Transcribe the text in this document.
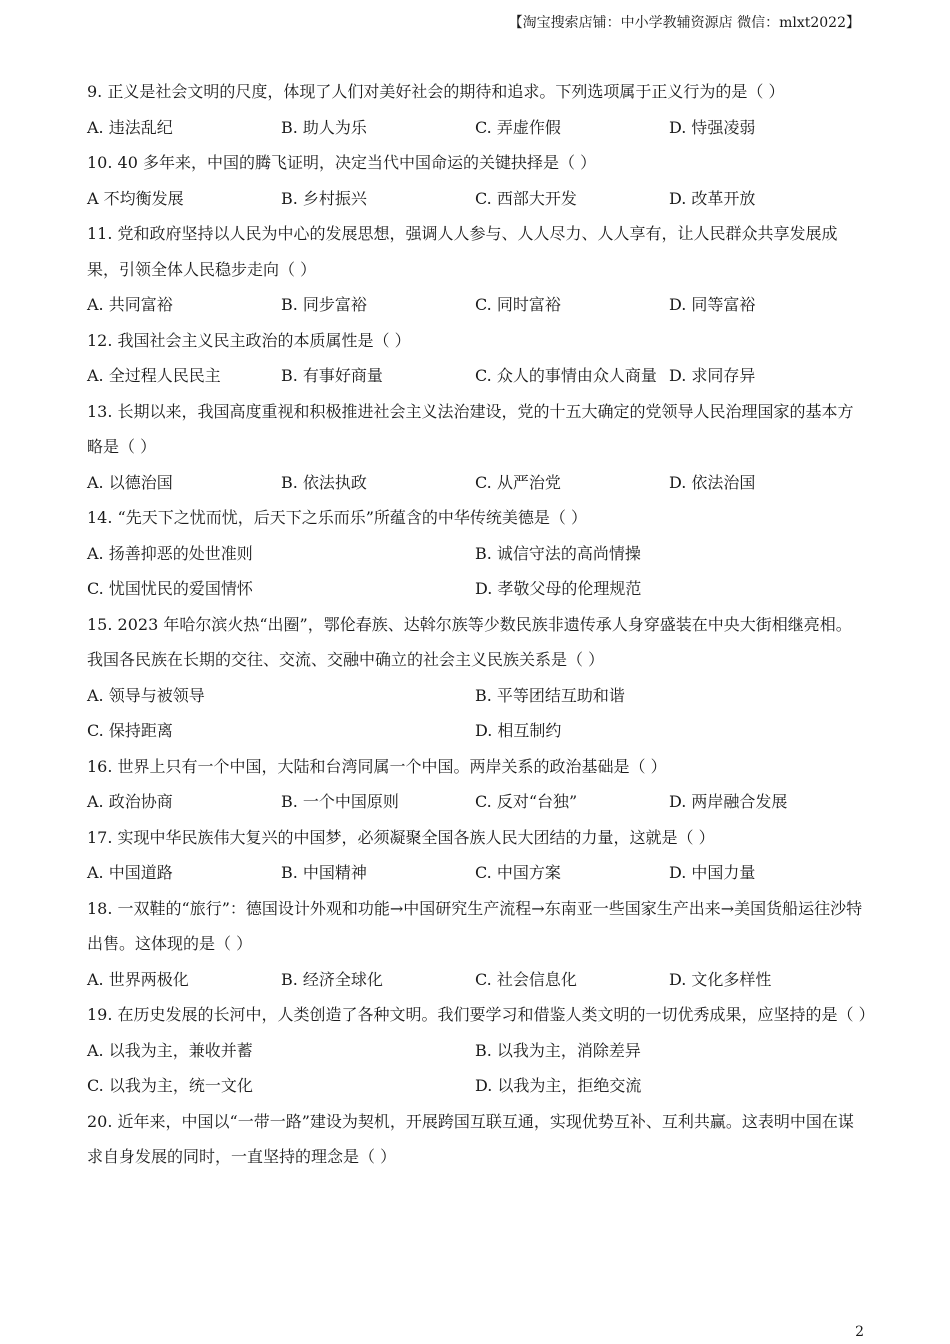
【淘宝搜索店铺：中小学教辅资源店 微信：mlxt2022】
9. 正义是社会文明的尺度，体现了人们对美好社会的期待和追求。下列选项属于正义行为的是（ ）
A. 违法乱纪	B. 助人为乐	C. 弄虚作假	D. 恃强凌弱
10. 40 多年来，中国的腾飞证明，决定当代中国命运的关键抉择是（ ）
A 不均衡发展	B. 乡村振兴	C. 西部大开发	D. 改革开放
11. 党和政府坚持以人民为中心的发展思想，强调人人参与、人人尽力、人人享有，让人民群众共享发展成果，引领全体人民稳步走向（ ）
A. 共同富裕	B. 同步富裕	C. 同时富裕	D. 同等富裕
12. 我国社会主义民主政治的本质属性是（ ）
A. 全过程人民民主	B. 有事好商量	C. 众人的事情由众人商量 D. 求同存异
13. 长期以来，我国高度重视和积极推进社会主义法治建设，党的十五大确定的党领导人民治理国家的基本方略是（ ）
A. 以德治国	B. 依法执政	C. 从严治党	D. 依法治国
14. “先天下之忧而忧，后天下之乐而乐”所蕴含的中华传统美德是（ ）
A. 扬善抑恶的处世准则	B. 诚信守法的高尚情操
C. 忧国忧民的爱国情怀	D. 孝敬父母的伦理规范
15. 2023 年哈尔滨火热“出圈”，鄂伦春族、达斡尔族等少数民族非遗传承人身穿盛装在中央大街相继亮相。我国各民族在长期的交往、交流、交融中确立的社会主义民族关系是（ ）
A. 领导与被领导	B. 平等团结互助和谐
C. 保持距离	D. 相互制约
16. 世界上只有一个中国，大陆和台湾同属一个中国。两岸关系的政治基础是（ ）
A. 政治协商	B. 一个中国原则	C. 反对“台独”	D. 两岸融合发展
17. 实现中华民族伟大复兴的中国梦，必须凝聚全国各族人民大团结的力量，这就是（ ）
A. 中国道路	B. 中国精神	C. 中国方案	D. 中国力量
18. 一双鞋的“旅行”：德国设计外观和功能→中国研究生产流程→东南亚一些国家生产出来→美国货船运往沙特出售。这体现的是（ ）
A. 世界两极化	B. 经济全球化	C. 社会信息化	D. 文化多样性
19. 在历史发展的长河中，人类创造了各种文明。我们要学习和借鉴人类文明的一切优秀成果，应坚持的是（ ）
A. 以我为主，兼收并蓄	B. 以我为主，消除差异
C. 以我为主，统一文化	D. 以我为主，拒绝交流
20. 近年来，中国以“一带一路”建设为契机，开展跨国互联互通，实现优势互补、互利共赢。这表明中国在谋求自身发展的同时，一直坚持的理念是（ ）
2
